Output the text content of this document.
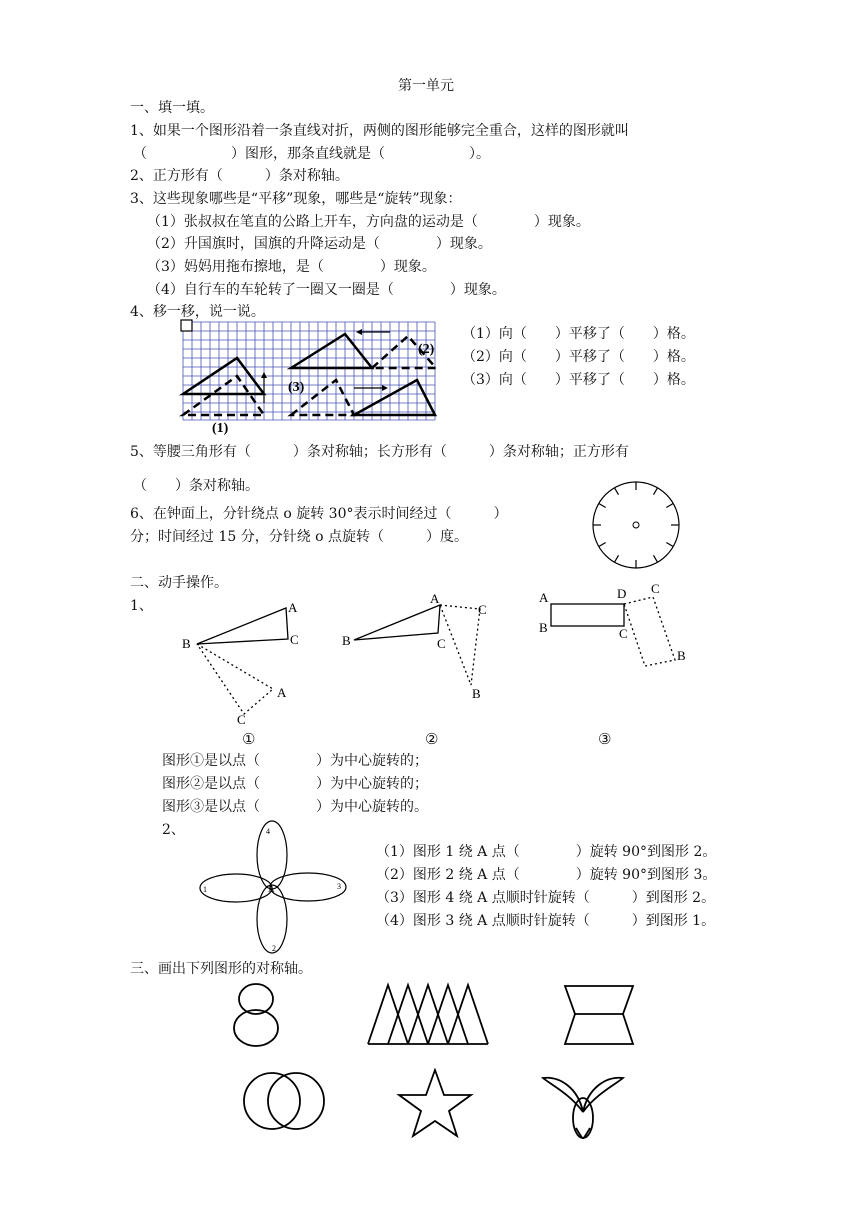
第一单元
一、填一填。
1、如果一个图形沿着一条直线对折，两侧的图形能够完全重合，这样的图形就叫
（　　　　　　）图形，那条直线就是（　　　　　　）。
2、正方形有（　　　）条对称轴。
3、这些现象哪些是“平移”现象，哪些是“旋转”现象：
（1）张叔叔在笔直的公路上开车，方向盘的运动是（　　　　）现象。
（2）升国旗时，国旗的升降运动是（　　　　）现象。
（3）妈妈用拖布擦地，是（　　　　）现象。
（4）自行车的车轮转了一圈又一圈是（　　　　）现象。
4、移一移，说一说。
(1)
(2)
(3)
（1）向（　　）平移了（　　）格。
（2）向（　　）平移了（　　）格。
（3）向（　　）平移了（　　）格。
5、等腰三角形有（　　　）条对称轴；长方形有（　　　）条对称轴；正方形有
（　　）条对称轴。
6、在钟面上，分针绕点 o 旋转 30°表示时间经过（　　　）
分；时间经过 15 分，分针绕 o 点旋转（　　　）度。
二、动手操作。
1、	A
C
B
A
C
A
B	C
C
B
A
B
D
C
C
B
①	②	③
图形①是以点（　　　　）为中心旋转的；
图形②是以点（　　　　）为中心旋转的；
图形③是以点（　　　　）为中心旋转的。
2、	4
1	3
2
A
（1）图形 1 绕 A 点（　　　　）旋转 90°到图形 2。
（2）图形 2 绕 A 点（　　　　）旋转 90°到图形 3。
（3）图形 4 绕 A 点顺时针旋转（　　　）到图形 2。
（4）图形 3 绕 A 点顺时针旋转（　　　）到图形 1。
三、画出下列图形的对称轴。
